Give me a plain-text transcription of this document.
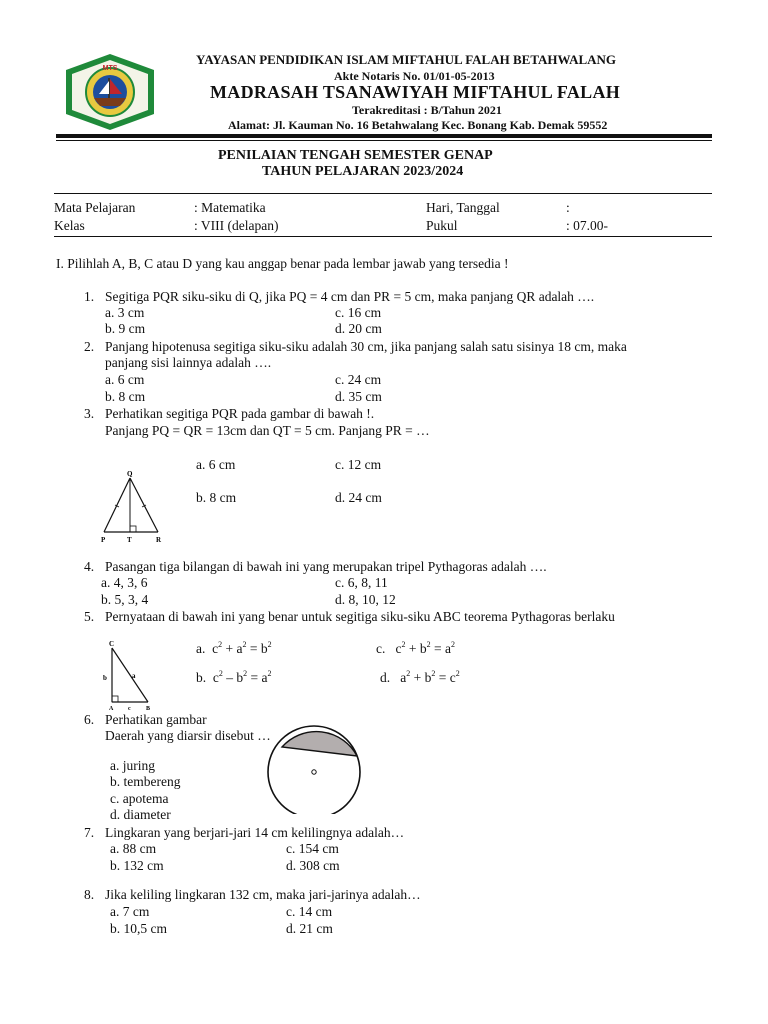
MTS
YAYASAN PENDIDIKAN ISLAM MIFTAHUL FALAH BETAHWALANG
Akte Notaris No. 01/01-05-2013
MADRASAH TSANAWIYAH MIFTAHUL FALAH
Terakreditasi : B/Tahun 2021
Alamat: Jl. Kauman No. 16 Betahwalang Kec. Bonang Kab. Demak 59552
PENILAIAN TENGAH SEMESTER GENAP
TAHUN PELAJARAN 2023/2024
Mata Pelajaran	: Matematika	Hari, Tanggal	:
Kelas	: VIII (delapan)	Pukul	: 07.00-
I. Pilihlah A, B, C atau D yang kau anggap benar pada lembar jawab yang tersedia !
1. Segitiga PQR siku-siku di Q, jika PQ = 4 cm dan PR = 5 cm, maka panjang QR adalah ….
a. 3 cm	c. 16 cm
b. 9 cm	d. 20 cm
2. Panjang hipotenusa segitiga siku-siku adalah 30 cm, jika panjang salah satu sisinya 18 cm, maka
panjang sisi lainnya adalah ….
a. 6 cm	c. 24 cm
b. 8 cm	d. 35 cm
3. Perhatikan segitiga PQR pada gambar di bawah !.
Panjang PQ = QR = 13cm dan QT = 5 cm. Panjang PR = …
Q
P	T	R
a. 6 cm	c. 12 cm
b. 8 cm	d. 24 cm
4. Pasangan tiga bilangan di bawah ini yang merupakan tripel Pythagoras adalah ….
a. 4, 3, 6	c. 6, 8, 11
b. 5, 3, 4	d. 8, 10, 12
5. Pernyataan di bawah ini yang benar untuk segitiga siku-siku ABC teorema Pythagoras berlaku
C
b	a
A c	B
a.  $c^2 + a^2 = b^2$	c.   $c^2 + b^2 = a^2$
b.  $c^2 - b^2 = a^2$	d.   $a^2 + b^2 = c^2$
6. Perhatikan gambar
Daerah yang diarsir disebut …
a. juring
b. tembereng
c. apotema
d. diameter
7. Lingkaran yang berjari-jari 14 cm kelilingnya adalah…
a. 88 cm	c. 154 cm
b. 132 cm	d. 308 cm
8. Jika keliling lingkaran 132 cm, maka jari-jarinya adalah…
a. 7 cm	c. 14 cm
b. 10,5 cm	d. 21 cm
